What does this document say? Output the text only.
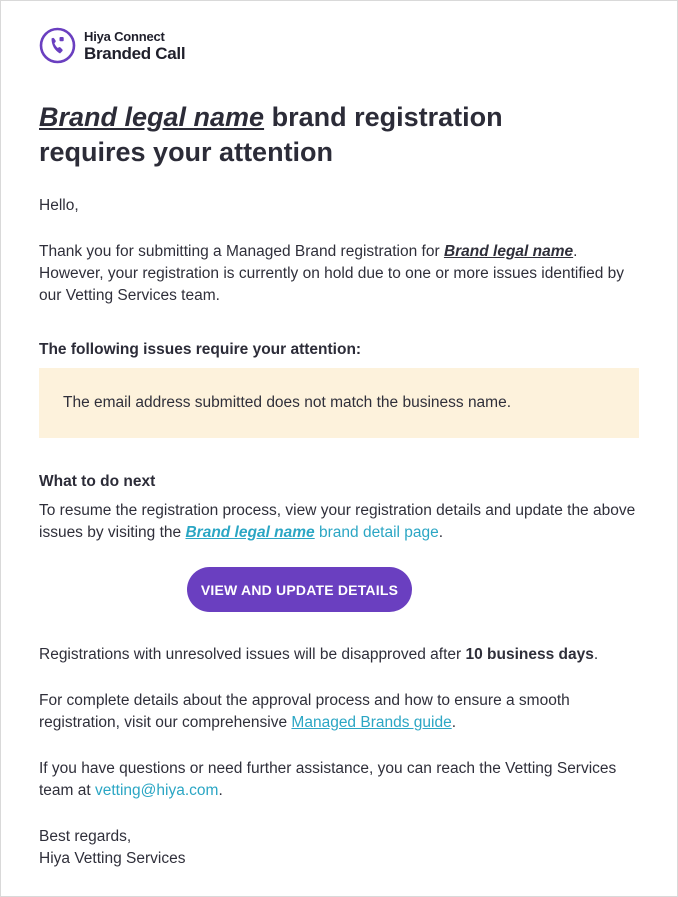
Hiya Connect
Branded Call
Brand legal name brand registration
requires your attention

Hello,

Thank you for submitting a Managed Brand registration for Brand legal name. However, your registration is currently on hold due to one or more issues identified by our Vetting Services team.

The following issues require your attention:

The email address submitted does not match the business name.

What to do next

To resume the registration process, view your registration details and update the above issues by visiting the Brand legal name brand detail page.

VIEW AND UPDATE DETAILS

Registrations with unresolved issues will be disapproved after 10 business days.

For complete details about the approval process and how to ensure a smooth registration, visit our comprehensive Managed Brands guide.

If you have questions or need further assistance, you can reach the Vetting Services team at vetting@hiya.com.

Best regards,
Hiya Vetting Services
